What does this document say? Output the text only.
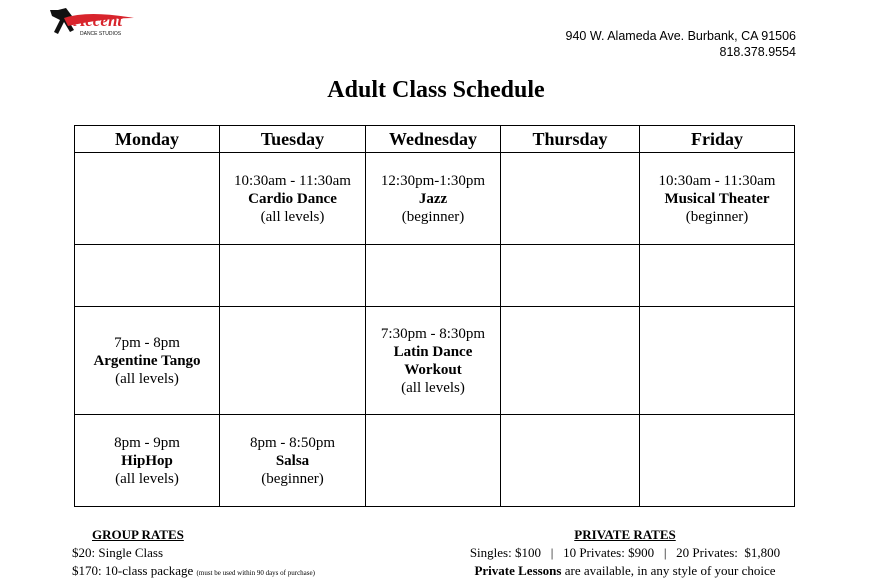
Accent
DANCE STUDIOS	940 W. Alameda Ave. Burbank, CA 91506
818.378.9554
Adult Class Schedule
Monday	Tuesday	Wednesday	Thursday	Friday

	10:30am - 11:30am
Cardio Dance
(all levels)	12:30pm-1:30pm
Jazz
(beginner)		10:30am - 11:30am
Musical Theater
(beginner)

7pm - 8pm
Argentine Tango
(all levels)		7:30pm - 8:30pm
Latin Dance Workout
(all levels)	

8pm - 9pm
HipHop
(all levels)	8pm - 8:50pm
Salsa
(beginner)	

GROUP RATES
$20: Single Class
$170: 10-class package (must be used within 90 days of purchase)
PRIVATE RATES
Singles: $100   |   10 Privates: $900   |   20 Privates:  $1,800
Private Lessons are available, in any style of your choice
